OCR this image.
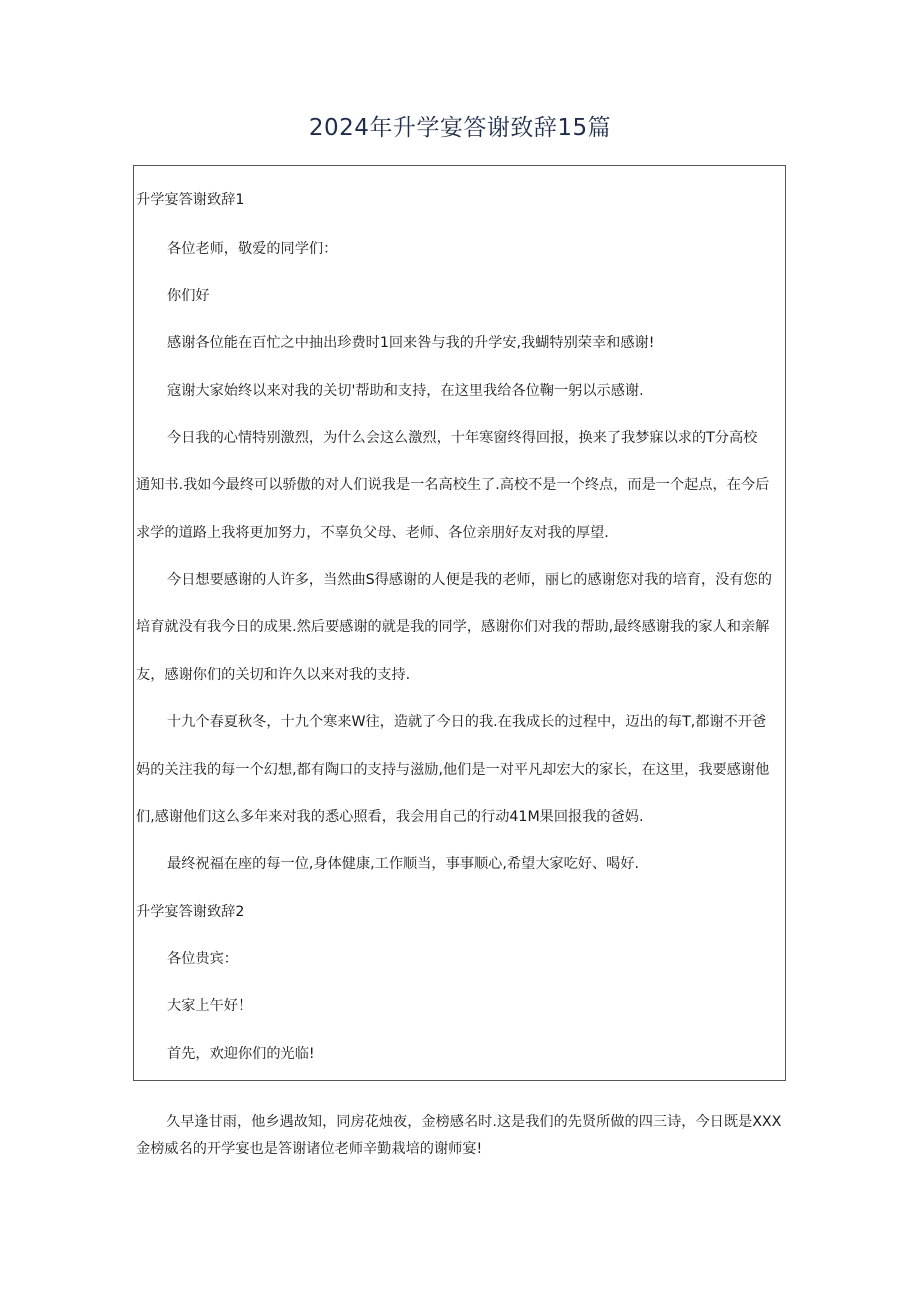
2024年升学宴答谢致辞15篇
升学宴答谢致辞1
各位老师，敬爱的同学们：
你们好
感谢各位能在百忙之中抽出珍费时1回来咎与我的升学安,我蝴特别荣幸和感谢!
寇谢大家始终以来对我的关切'帮助和支持，在这里我给各位鞠一躬以示感谢.
今日我的心情特别激烈，为什么会这么激烈，十年寒窗终得回报，换来了我梦寐以求的T分高校
通知书.我如今最终可以骄傲的对人们说我是一名高校生了.高校不是一个终点，而是一个起点，在今后
求学的道路上我将更加努力，不辜负父母、老师、各位亲朋好友对我的厚望.
今日想要感谢的人许多，当然曲S得感谢的人便是我的老师，丽匕的感谢您对我的培育，没有您的
培育就没有我今日的成果.然后要感谢的就是我的同学，感谢你们对我的帮助,最终感谢我的家人和亲解
友，感谢你们的关切和许久以来对我的支持.
十九个春夏秋冬，十九个寒来W往，造就了今日的我.在我成长的过程中，迈出的每T,都谢不开爸
妈的关注我的每一个幻想,都有陶口的支持与滋励,他们是一对平凡却宏大的家长，在这里，我要感谢他
们,感谢他们这么多年来对我的悉心照看，我会用自己的行动41M果回报我的爸妈.
最终祝福在座的每一位,身体健康,工作顺当，事事顺心,希望大家吃好、喝好.
升学宴答谢致辞2
各位贵宾：
大家上午好！
首先，欢迎你们的光临!
久早逢甘雨，他乡遇故知，同房花烛夜，金榜感名时.这是我们的先贤所做的四三诗，今日既是XXX
金榜威名的开学宴也是答谢诸位老师辛勤栽培的谢师宴!
